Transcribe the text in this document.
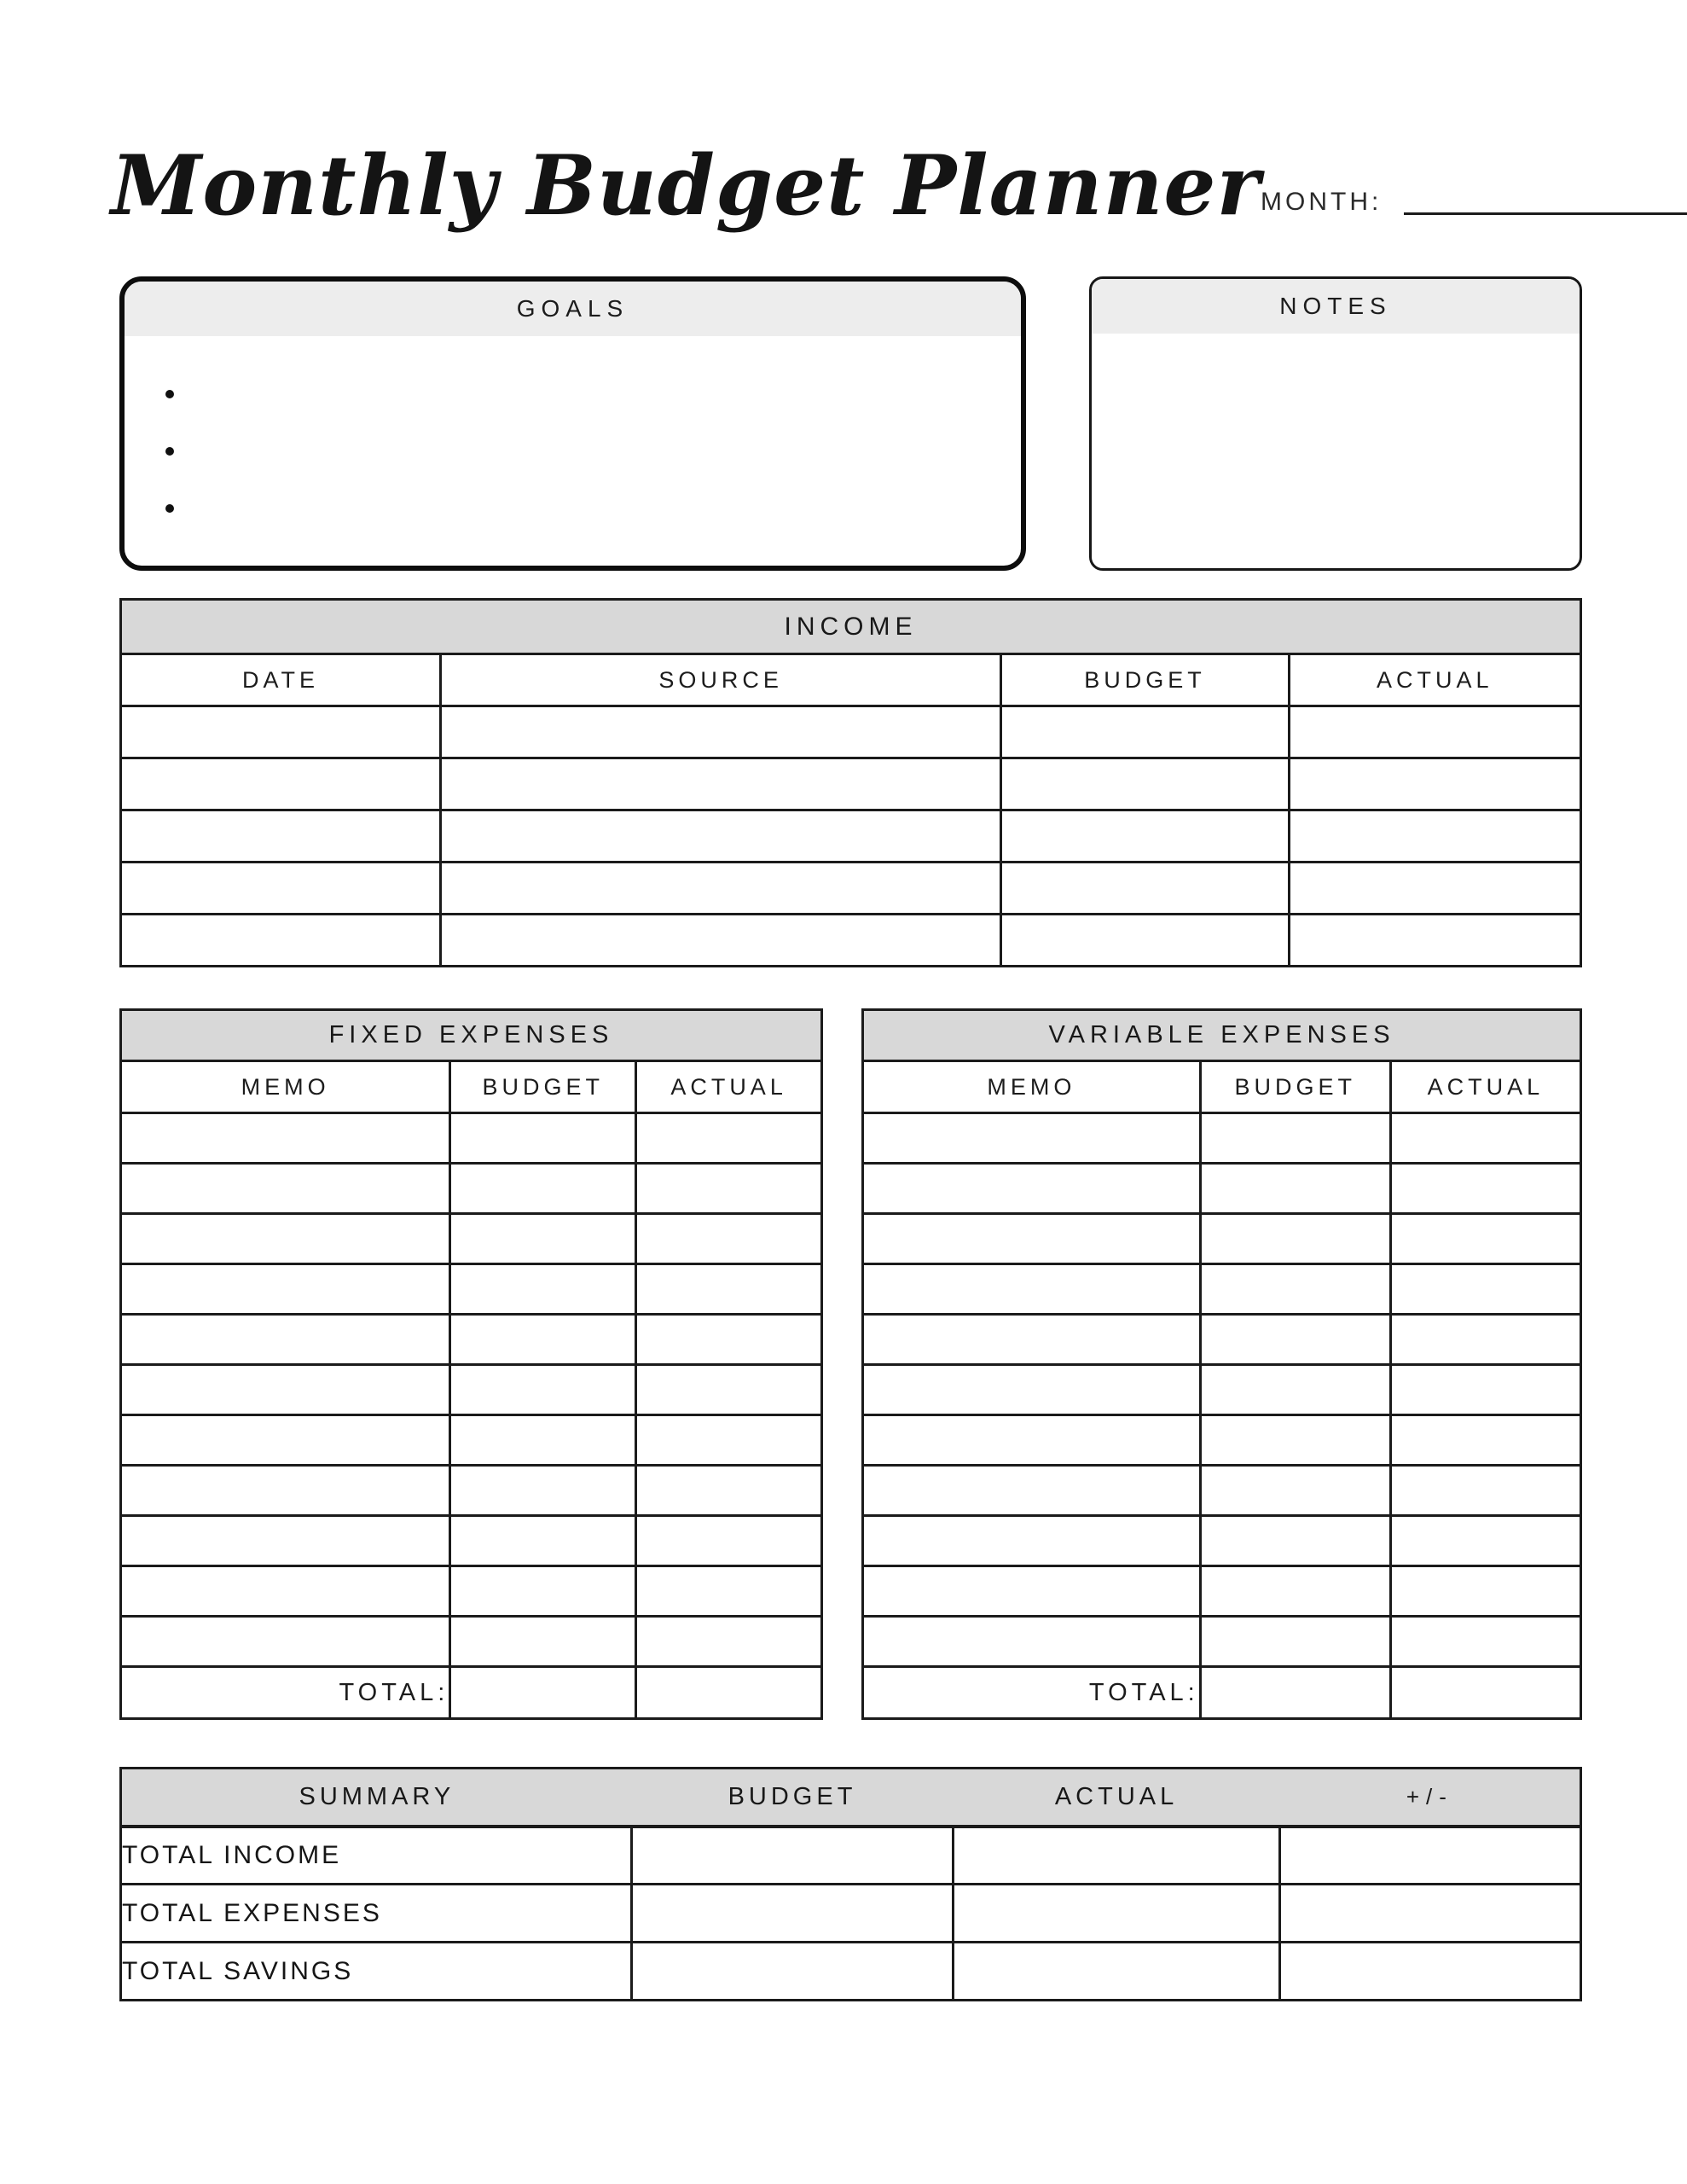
Monthly Budget Planner MONTH:
GOALS	NOTES
INCOME			
DATE	SOURCE	BUDGET	ACTUAL

FIXED EXPENSES		
MEMO	BUDGET	ACTUAL

TOTAL:		
VARIABLE EXPENSES		
MEMO	BUDGET	ACTUAL

TOTAL:		
SUMMARY	BUDGET	ACTUAL	+/-
TOTAL INCOME			
TOTAL EXPENSES			
TOTAL SAVINGS			
